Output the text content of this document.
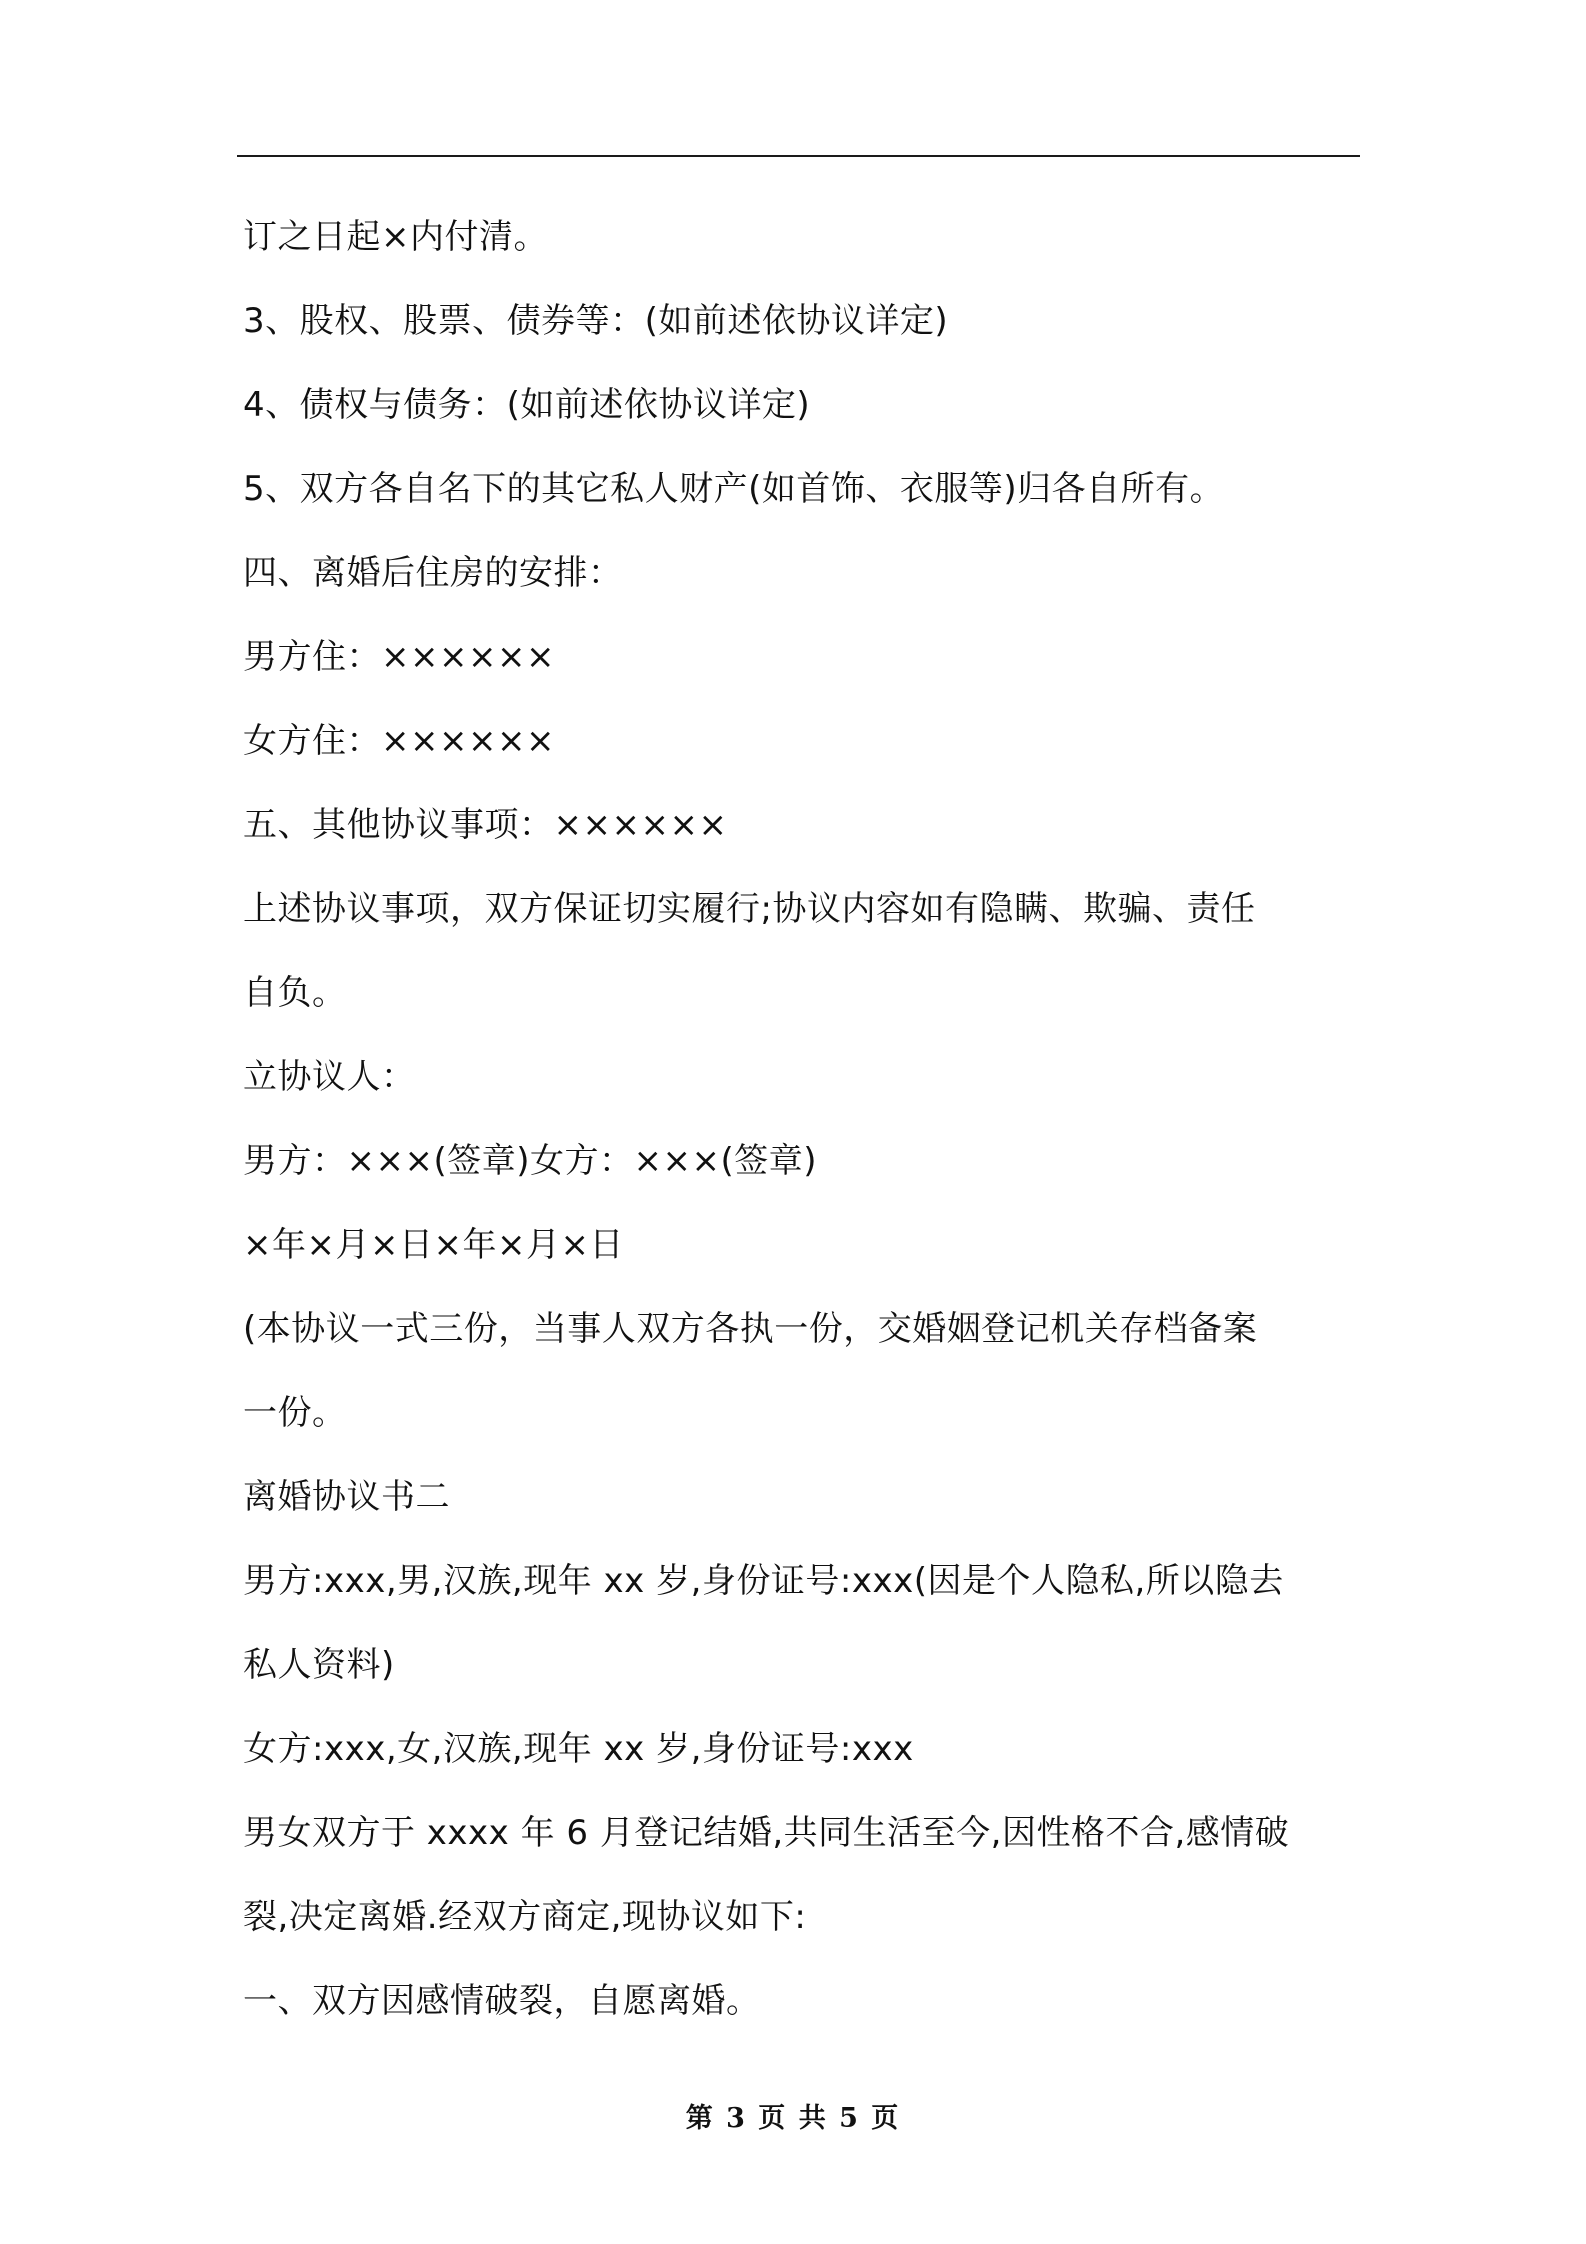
订之日起×内付清。
3、股权、股票、债券等：(如前述依协议详定)
4、债权与债务：(如前述依协议详定)
5、双方各自名下的其它私人财产(如首饰、衣服等)归各自所有。
四、离婚后住房的安排：
男方住：××××××
女方住：××××××
五、其他协议事项：××××××
上述协议事项，双方保证切实履行;协议内容如有隐瞒、欺骗、责任
自负。
立协议人：
男方：×××(签章)女方：×××(签章)
×年×月×日×年×月×日
(本协议一式三份，当事人双方各执一份，交婚姻登记机关存档备案
一份。
离婚协议书二
男方:xxx,男,汉族,现年 xx 岁,身份证号:xxx(因是个人隐私,所以隐去
私人资料)
女方:xxx,女,汉族,现年 xx 岁,身份证号:xxx
男女双方于 xxxx 年 6 月登记结婚,共同生活至今,因性格不合,感情破
裂,决定离婚.经双方商定,现协议如下:
一、双方因感情破裂，自愿离婚。
第 3 页 共 5 页
